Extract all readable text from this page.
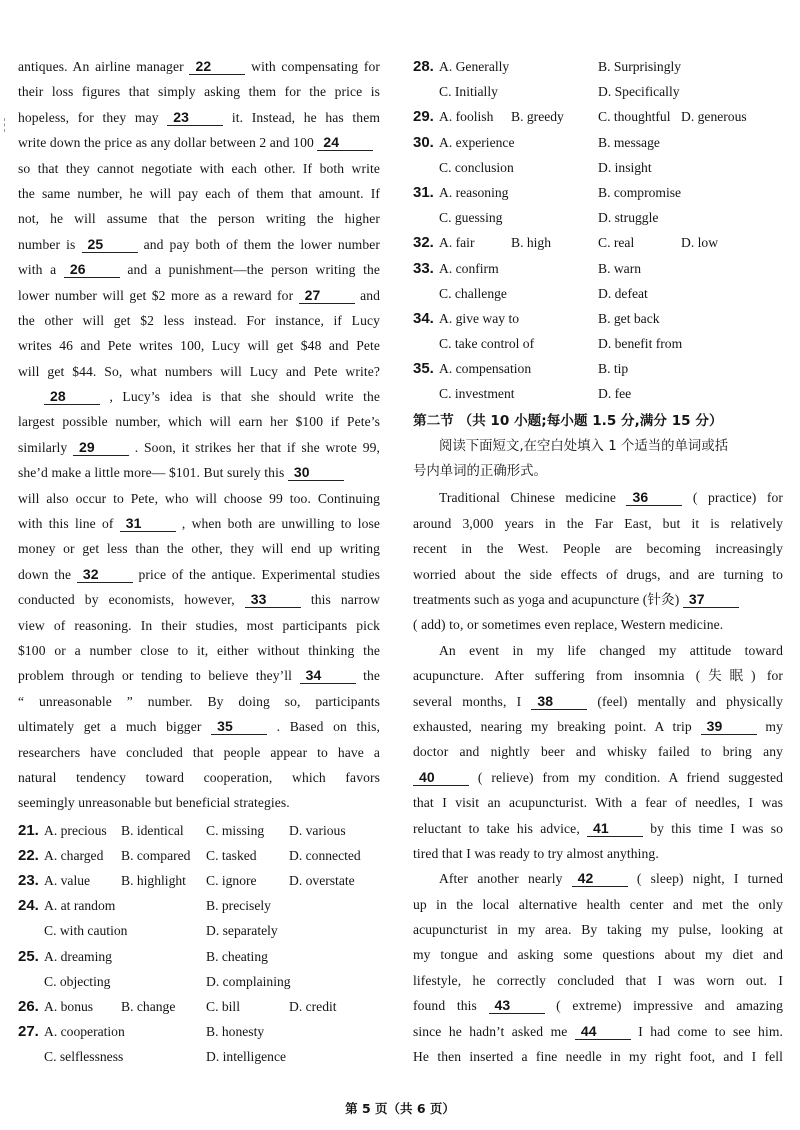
antiques. An airline manager 22	with compensating for
their loss figures that simply asking them for the price is
hopeless, for they may 23	it. Instead, he has them
write down the price as any dollar between 2 and 100 24
so that they cannot negotiate with each other. If both write
the same number, he will pay each of them that amount. If
not, he will assume that the person writing the higher
number is 25	and pay both of them the lower number
with a 26	and a punishment—the person writing the
lower number will get $2 more as a reward for 27	and
the other will get $2 less instead. For instance, if Lucy
writes 46 and Pete writes 100, Lucy will get $48 and Pete
will get $44. So, what numbers will Lucy and Pete write?
28	, Lucy’s idea is that she should write the
largest possible number, which will earn her $100 if Pete’s
similarly 29	. Soon, it strikes her that if she wrote 99,
she’d make a little more— $101. But surely this 30
will also occur to Pete, who will choose 99 too. Continuing
with this line of 31	, when both are unwilling to lose
money or get less than the other, they will end up writing
down the 32	price of the antique. Experimental studies
conducted by economists, however, 33	this narrow
view of reasoning. In their studies, most participants pick
$100 or a number close to it, either without thinking the
problem through or tending to believe they’ll 34	the
“ unreasonable ” number. By doing so, participants
ultimately get a much bigger 35	. Based on this,
researchers have concluded that people appear to have a
natural tendency toward cooperation, which favors
seemingly unreasonable but beneficial strategies.
21. A. precious B. identical C. missing D. various
22. A. charged B. compared C. tasked D. connected
23. A. value B. highlight C. ignore D. overstate
24. A. at random	B. precisely
C. with caution	D. separately
25. A. dreaming	B. cheating
C. objecting	D. complaining
26. A. bonus B. change C. bill	D. credit
27. A. cooperation	B. honesty
C. selflessness	D. intelligence
28. A. Generally	B. Surprisingly
C. Initially	D. Specifically
29. A. foolish B. greedy	C. thoughtful D. generous
30. A. experience	B. message
C. conclusion	D. insight
31. A. reasoning	B. compromise
C. guessing	D. struggle
32. A. fair	B. high	C. real	D. low
33. A. confirm	B. warn
C. challenge	D. defeat
34. A. give way to	B. get back
C. take control of	D. benefit from
35. A. compensation	B. tip
C. investment	D. fee
第二节 （共 10 小题;每小题 1.5 分,满分 15 分）
阅读下面短文,在空白处填入 1 个适当的单词或括
号内单词的正确形式。
Traditional Chinese medicine 36	( practice) for
around 3,000 years in the Far East, but it is relatively
recent in the West. People are becoming increasingly
worried about the side effects of drugs, and are turning to
treatments such as yoga and acupuncture (针灸) 37
( add) to, or sometimes even replace, Western medicine.
An event in my life changed my attitude toward
acupuncture. After suffering from insomnia (失眠) for
several months, I 38	(feel) mentally and physically
exhausted, nearing my breaking point. A trip 39	my
doctor and nightly beer and whisky failed to bring any
40	( relieve) from my condition. A friend suggested
that I visit an acupuncturist. With a fear of needles, I was
reluctant to take his advice, 41	by this time I was so
tired that I was ready to try almost anything.
After another nearly 42	( sleep) night, I turned
up in the local alternative health center and met the only
acupuncturist in my area. By taking my pulse, looking at
my tongue and asking some questions about my diet and
lifestyle, he correctly concluded that I was worn out. I
found this 43	( extreme) impressive and amazing
since he hadn’t asked me 44	I had come to see him.
He then inserted a fine needle in my right foot, and I fell
第 5 页（共 6 页）
